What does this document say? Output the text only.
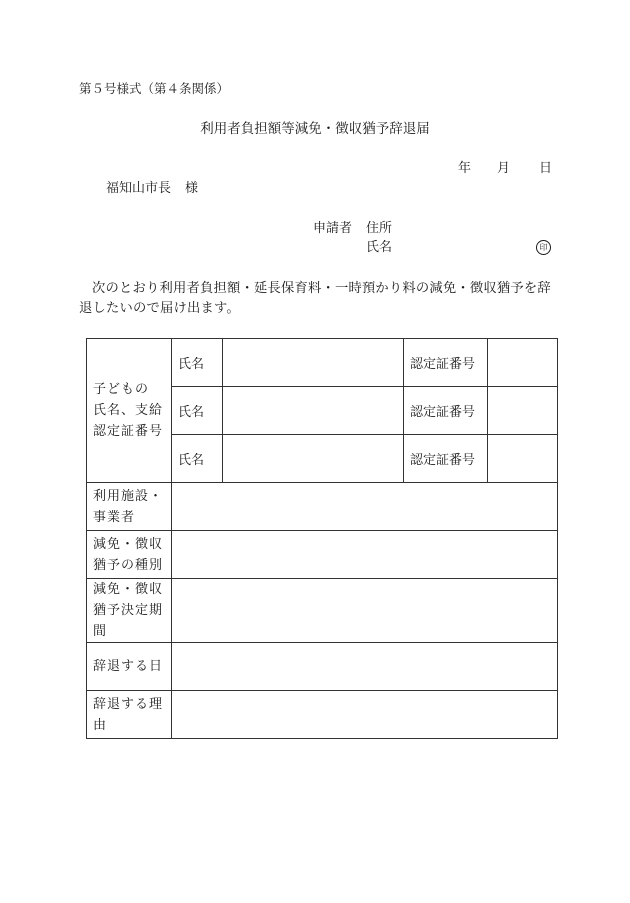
第５号様式（第４条関係）
利用者負担額等減免・徴収猶予辞退届
年 月 日
福知山市長 様
申請者 住所
氏名	印
次のとおり利用者負担額・延長保育料・一時預かり料の減免・徴収猶予を辞退したいので届け出ます。
子どもの
氏名、支給
認定証番号	氏名		認定証番号	
	氏名		認定証番号	
	氏名		認定証番号	

利用施設・
事業者				

減免・徴収
猶予の種別				

減免・徴収
猶予決定期
間				

辞退する日				

辞退する理
由				
